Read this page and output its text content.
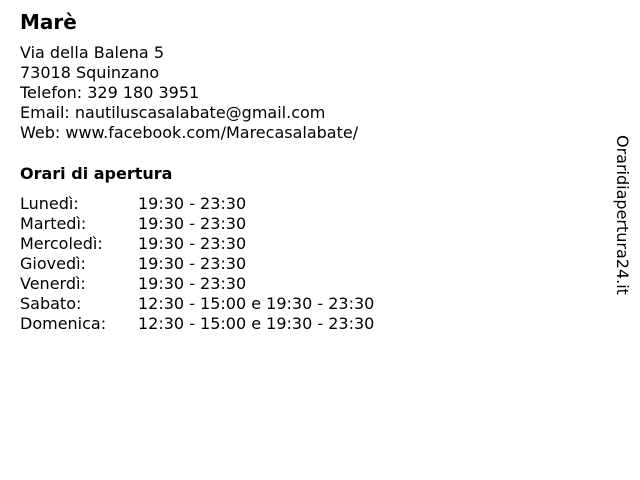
Marè
Via della Balena 5
73018 Squinzano
Telefon: 329 180 3951
Email: nautiluscasalabate@gmail.com
Web: www.facebook.com/Marecasalabate/
Orari di apertura
Lunedì:	19:30 - 23:30
Martedì:	19:30 - 23:30
Mercoledì: 19:30 - 23:30
Giovedì:	19:30 - 23:30
Venerdì:	19:30 - 23:30
Sabato:	12:30 - 15:00 e 19:30 - 23:30
Domenica: 12:30 - 15:00 e 19:30 - 23:30
Oraridiapertura24.it
